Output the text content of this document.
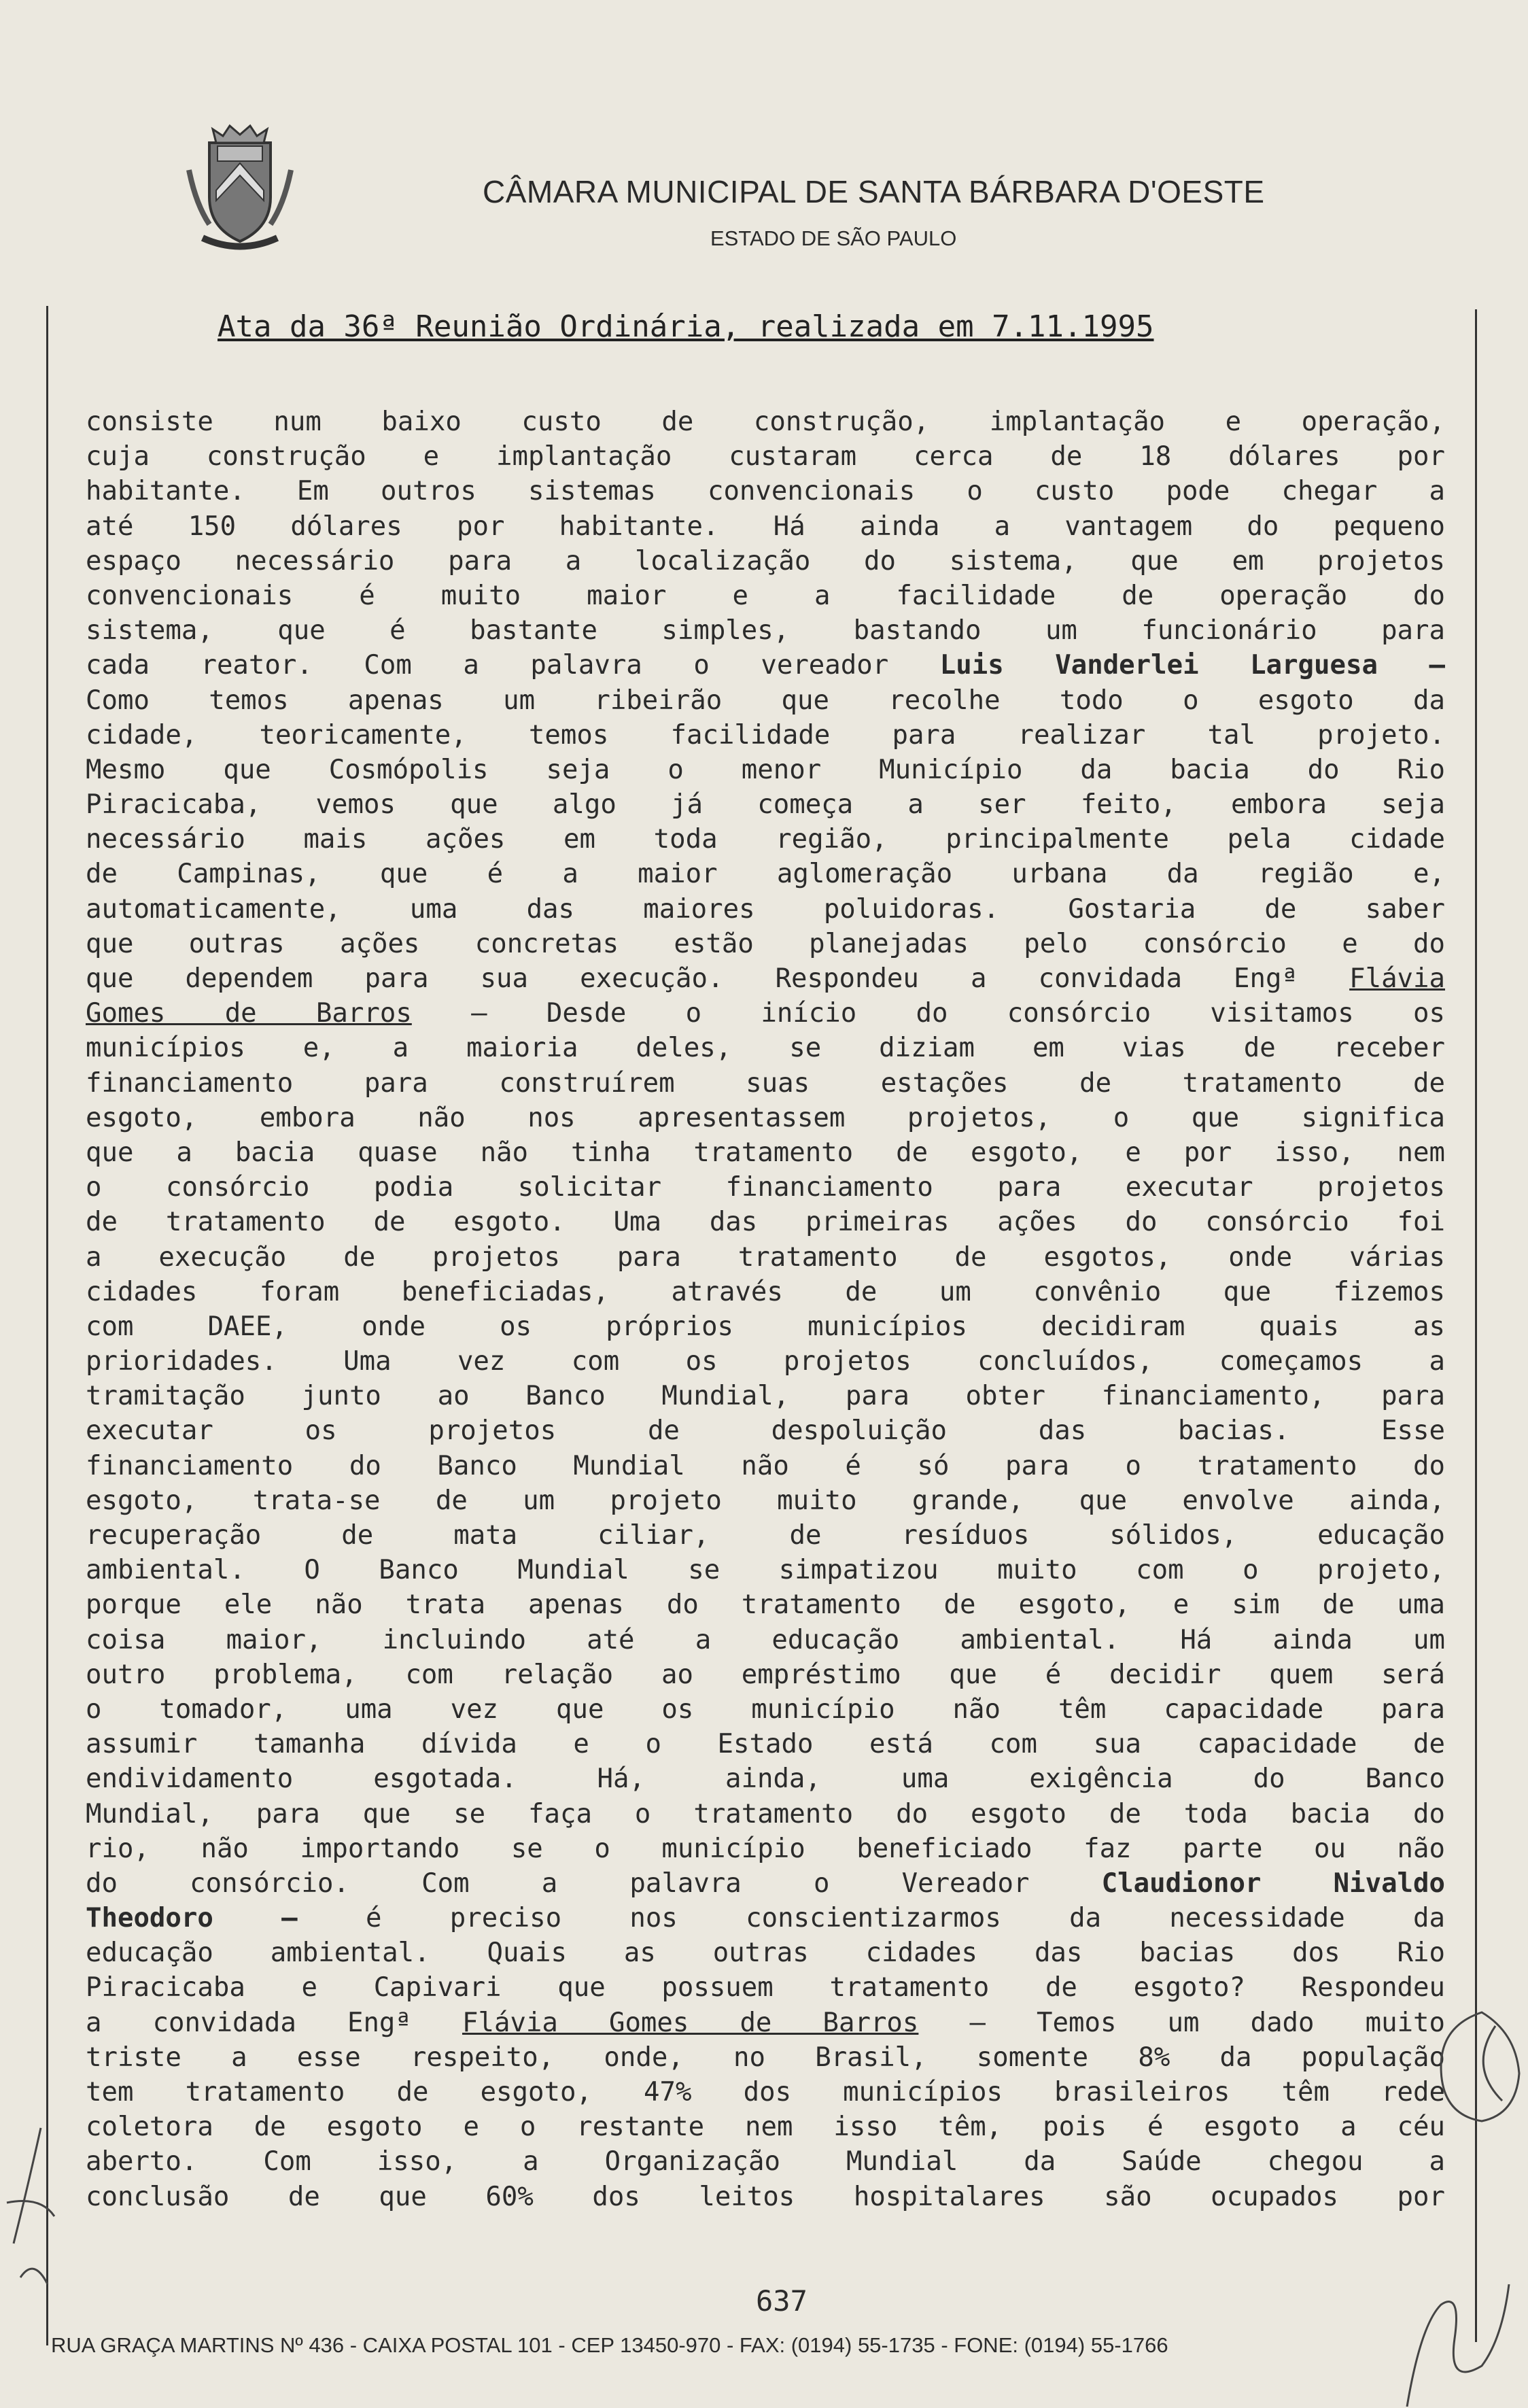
CÂMARA MUNICIPAL DE SANTA BÁRBARA D'OESTE
ESTADO DE SÃO PAULO
Ata da 36ª Reunião Ordinária, realizada em 7.11.1995
consiste num baixo custo de construção, implantação e operação,
cuja construção e implantação custaram cerca de 18 dólares por
habitante. Em outros sistemas convencionais o custo pode chegar a
até 150 dólares por habitante. Há ainda a vantagem do pequeno
espaço necessário para a localização do sistema, que em projetos
convencionais é muito maior e a facilidade de operação do
sistema, que é bastante simples, bastando um funcionário para
cada reator. Com a palavra o vereador Luis Vanderlei Larguesa –
Como temos apenas um ribeirão que recolhe todo o esgoto da
cidade, teoricamente, temos facilidade para realizar tal projeto.
Mesmo que Cosmópolis seja o menor Município da bacia do Rio
Piracicaba, vemos que algo já começa a ser feito, embora seja
necessário mais ações em toda região, principalmente pela cidade
de Campinas, que é a maior aglomeração urbana da região e,
automaticamente, uma das maiores poluidoras. Gostaria de saber
que outras ações concretas estão planejadas pelo consórcio e do
que dependem para sua execução. Respondeu a convidada Engª Flávia
Gomes de Barros – Desde o início do consórcio visitamos os
municípios e, a maioria deles, se diziam em vias de receber
financiamento para construírem suas estações de tratamento de
esgoto, embora não nos apresentassem projetos, o que significa
que a bacia quase não tinha tratamento de esgoto, e por isso, nem
o consórcio podia solicitar financiamento para executar projetos
de tratamento de esgoto. Uma das primeiras ações do consórcio foi
a execução de projetos para tratamento de esgotos, onde várias
cidades foram beneficiadas, através de um convênio que fizemos
com DAEE, onde os próprios municípios decidiram quais as
prioridades. Uma vez com os projetos concluídos, começamos a
tramitação junto ao Banco Mundial, para obter financiamento, para
executar os projetos de despoluição das bacias. Esse
financiamento do Banco Mundial não é só para o tratamento do
esgoto, trata-se de um projeto muito grande, que envolve ainda,
recuperação de mata ciliar, de resíduos sólidos, educação
ambiental. O Banco Mundial se simpatizou muito com o projeto,
porque ele não trata apenas do tratamento de esgoto, e sim de uma
coisa maior, incluindo até a educação ambiental. Há ainda um
outro problema, com relação ao empréstimo que é decidir quem será
o tomador, uma vez que os município não têm capacidade para
assumir tamanha dívida e o Estado está com sua capacidade de
endividamento esgotada. Há, ainda, uma exigência do Banco
Mundial, para que se faça o tratamento do esgoto de toda bacia do
rio, não importando se o município beneficiado faz parte ou não
do consórcio. Com a palavra o Vereador	Claudionor Nivaldo
Theodoro	–	é preciso nos conscientizarmos da necessidade da
educação ambiental. Quais as outras cidades das bacias dos Rio
Piracicaba e Capivari que possuem tratamento de esgoto? Respondeu
a convidada Engª Flávia Gomes de Barros – Temos um dado muito
triste a esse respeito, onde, no Brasil, somente 8% da população
tem tratamento de esgoto, 47% dos municípios brasileiros têm rede
coletora de esgoto e o restante nem isso têm, pois é esgoto a céu
aberto. Com isso, a Organização Mundial da Saúde chegou a
conclusão de que 60% dos leitos hospitalares são ocupados por
637
RUA GRAÇA MARTINS Nº 436 - CAIXA POSTAL 101 - CEP 13450-970 - FAX: (0194) 55-1735 - FONE: (0194) 55-1766
